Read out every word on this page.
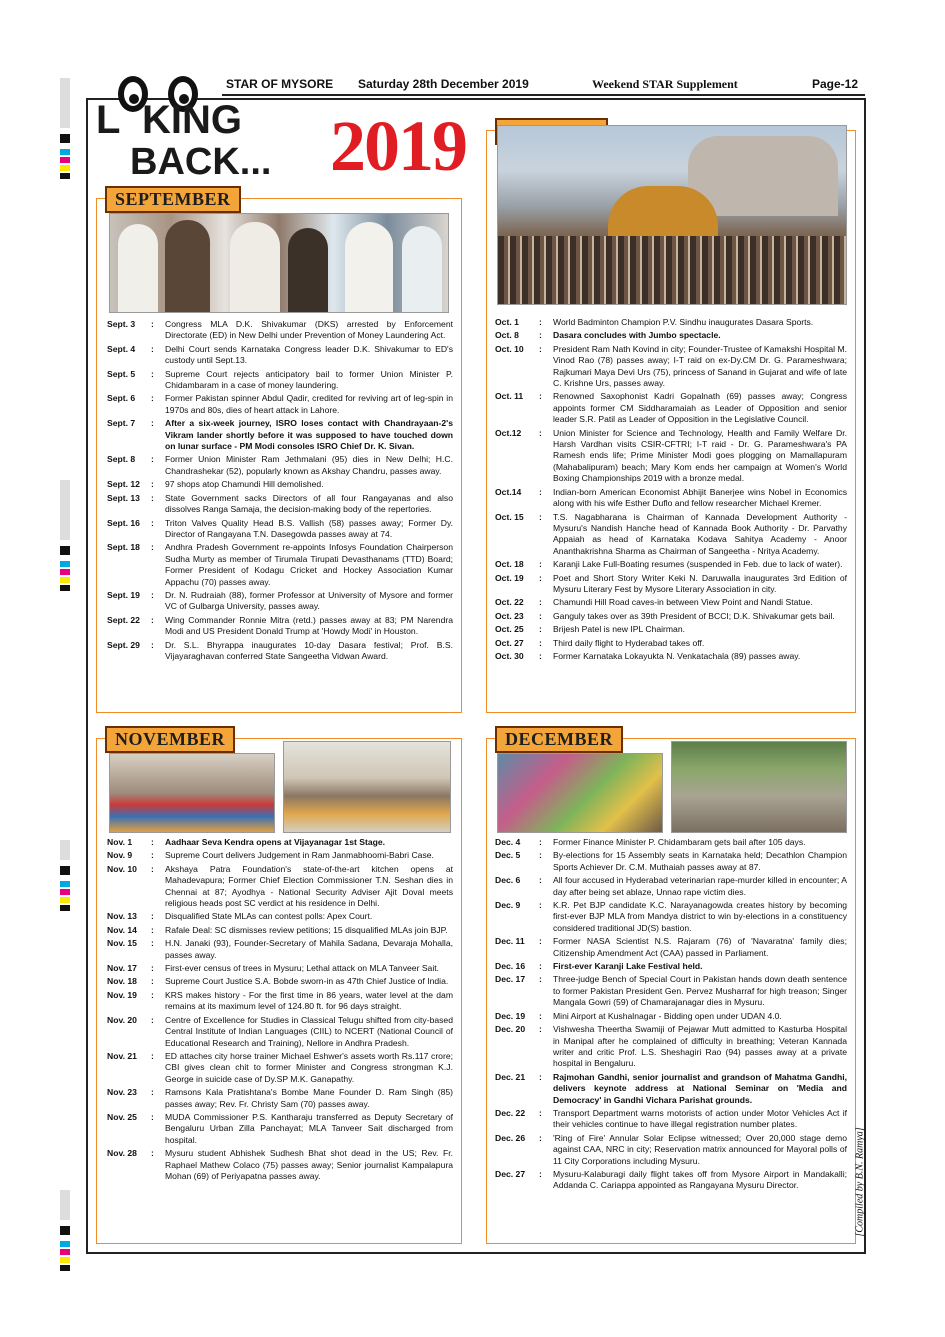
STAR OF MYSORE Saturday 28th December 2019	Weekend STAR Supplement	Page-12
L  KING
BACK... 2019
SEPTEMBER
Sept. 3	:	Congress MLA D.K. Shivakumar (DKS) arrested by Enforcement Directorate (ED) in New Delhi under Prevention of Money Laundering Act.
Sept. 4	:	Delhi Court sends Karnataka Congress leader D.K. Shivakumar to ED's custody until Sept.13.
Sept. 5	:	Supreme Court rejects anticipatory bail to former Union Minister P. Chidambaram in a case of money laundering.
Sept. 6	:	Former Pakistan spinner Abdul Qadir, credited for reviving art of leg-spin in 1970s and 80s, dies of heart attack in Lahore.
Sept. 7	:	After a six-week journey, ISRO loses contact with Chandrayaan-2's Vikram lander shortly before it was supposed to have touched down on lunar surface - PM Modi consoles ISRO Chief Dr. K. Sivan.
Sept. 8	:	Former Union Minister Ram Jethmalani (95) dies in New Delhi; H.C. Chandrashekar (52), popularly known as Akshay Chandru, passes away.
Sept. 12	:	97 shops atop Chamundi Hill demolished.
Sept. 13	:	State Government sacks Directors of all four Rangayanas and also dissolves Ranga Samaja, the decision-making body of the repertories.
Sept. 16	:	Triton Valves Quality Head B.S. Vallish (58) passes away; Former Dy. Director of Rangayana T.N. Dasegowda passes away at 74.
Sept. 18	:	Andhra Pradesh Government re-appoints Infosys Foundation Chairperson Sudha Murty as member of Tirumala Tirupati Devasthanams (TTD) Board; Former President of Kodagu Cricket and Hockey Association Kumar Appachu (70) passes away.
Sept. 19	:	Dr. N. Rudraiah (88), former Professor at University of Mysore and former VC of Gulbarga University, passes away.
Sept. 22	:	Wing Commander Ronnie Mitra (retd.) passes away at 83; PM Narendra Modi and US President Donald Trump at 'Howdy Modi' in Houston.
Sept. 29	:	Dr. S.L. Bhyrappa inaugurates 10-day Dasara festival; Prof. B.S. Vijayaraghavan conferred State Sangeetha Vidwan Award.
Oct. 1	:	World Badminton Champion P.V. Sindhu inaugurates Dasara Sports.
Oct. 8	:	Dasara concludes with Jumbo spectacle.
Oct. 10	:	President Ram Nath Kovind in city; Founder-Trustee of Kamakshi Hospital M. Vinod Rao (78) passes away; I-T raid on ex-Dy.CM Dr. G. Parameshwara; Rajkumari Maya Devi Urs (75), princess of Sanand in Gujarat and wife of late C. Krishne Urs, passes away.
Oct. 11	:	Renowned Saxophonist Kadri Gopalnath (69) passes away; Congress appoints former CM Siddharamaiah as Leader of Opposition and senior leader S.R. Patil as Leader of Opposition in the Legislative Council.
Oct.12	:	Union Minister for Science and Technology, Health and Family Welfare Dr. Harsh Vardhan visits CSIR-CFTRI; I-T raid - Dr. G. Parameshwara's PA Ramesh ends life; Prime Minister Modi goes plogging on Mamallapuram (Mahabalipuram) beach; Mary Kom ends her campaign at Women's World Boxing Championships 2019 with a bronze medal.
Oct.14	:	Indian-born American Economist Abhijit Banerjee wins Nobel in Economics along with his wife Esther Duflo and fellow researcher Michael Kremer.
Oct. 15	:	T.S. Nagabharana is Chairman of Kannada Development Authority - Mysuru's Nandish Hanche head of Kannada Book Authority - Dr. Parvathy Appaiah as head of Karnataka Kodava Sahitya Academy - Anoor Ananthakrishna Sharma as Chairman of Sangeetha - Nritya Academy.
Oct. 18	:	Karanji Lake Full-Boating resumes (suspended in Feb. due to lack of water).
Oct. 19	:	Poet and Short Story Writer Keki N. Daruwalla inaugurates 3rd Edition of Mysuru Literary Fest by Mysore Literary Association in city.
Oct. 22	:	Chamundi Hill Road caves-in between View Point and Nandi Statue.
Oct. 23	:	Ganguly takes over as 39th President of BCCI; D.K. Shivakumar gets bail.
Oct. 25	:	Brijesh Patel is new IPL Chairman.
Oct. 27	:	Third daily flight to Hyderabad takes off.
Oct. 30	:	Former Karnataka Lokayukta N. Venkatachala (89) passes away.
NOVEMBER
Nov. 1	:	Aadhaar Seva Kendra opens at Vijayanagar 1st Stage.
Nov. 9	:	Supreme Court delivers Judgement in Ram Janmabhoomi-Babri Case.
Nov. 10	:	Akshaya Patra Foundation's state-of-the-art kitchen opens at Mahadevapura; Former Chief Election Commissioner T.N. Seshan dies in Chennai at 87; Ayodhya - National Security Adviser Ajit Doval meets religious heads post SC verdict at his residence in Delhi.
Nov. 13	:	Disqualified State MLAs can contest polls: Apex Court.
Nov. 14	:	Rafale Deal: SC dismisses review petitions; 15 disqualified MLAs join BJP.
Nov. 15	:	H.N. Janaki (93), Founder-Secretary of Mahila Sadana, Devaraja Mohalla, passes away.
Nov. 17	:	First-ever census of trees in Mysuru; Lethal attack on MLA Tanveer Sait.
Nov. 18	:	Supreme Court Justice S.A. Bobde sworn-in as 47th Chief Justice of India.
Nov. 19	:	KRS makes history - For the first time in 86 years, water level at the dam remains at its maximum level of 124.80 ft. for 96 days straight.
Nov. 20	:	Centre of Excellence for Studies in Classical Telugu shifted from city-based Central Institute of Indian Languages (CIIL) to NCERT (National Council of Educational Research and Training), Nellore in Andhra Pradesh.
Nov. 21	:	ED attaches city horse trainer Michael Eshwer's assets worth Rs.117 crore; CBI gives clean chit to former Minister and Congress strongman K.J. George in suicide case of Dy.SP M.K. Ganapathy.
Nov. 23	:	Ramsons Kala Pratishtana's Bombe Mane Founder D. Ram Singh (85) passes away; Rev. Fr. Christy Sam (70) passes away.
Nov. 25	:	MUDA Commissioner P.S. Kantharaju transferred as Deputy Secretary of Bengaluru Urban Zilla Panchayat; MLA Tanveer Sait discharged from hospital.
Nov. 28	:	Mysuru student Abhishek Sudhesh Bhat shot dead in the US; Rev. Fr. Raphael Mathew Colaco (75) passes away; Senior journalist Kampalapura Mohan (69) of Periyapatna passes away.
DECEMBER
Dec. 4	:	Former Finance Minister P. Chidambaram gets bail after 105 days.
Dec. 5	:	By-elections for 15 Assembly seats in Karnataka held; Decathlon Champion Sports Achiever Dr. C.M. Muthaiah passes away at 87.
Dec. 6	:	All four accused in Hyderabad veterinarian rape-murder killed in encounter; A day after being set ablaze, Unnao rape victim dies.
Dec. 9	:	K.R. Pet BJP candidate K.C. Narayanagowda creates history by becoming first-ever BJP MLA from Mandya district to win by-elections in a constituency considered traditional JD(S) bastion.
Dec. 11	:	Former NASA Scientist N.S. Rajaram (76) of 'Navaratna' family dies; Citizenship Amendment Act (CAA) passed in Parliament.
Dec. 16	:	First-ever Karanji Lake Festival held.
Dec. 17	:	Three-judge Bench of Special Court in Pakistan hands down death sentence to former Pakistan President Gen. Pervez Musharraf for high treason; Singer Mangala Gowri (59) of Chamarajanagar dies in Mysuru.
Dec. 19	:	Mini Airport at Kushalnagar - Bidding open under UDAN 4.0.
Dec. 20	:	Vishwesha Theertha Swamiji of Pejawar Mutt admitted to Kasturba Hospital in Manipal after he complained of difficulty in breathing; Veteran Kannada writer and critic Prof. L.S. Sheshagiri Rao (94) passes away at a private hospital in Bengaluru.
Dec. 21	:	Rajmohan Gandhi, senior journalist and grandson of Mahatma Gandhi, delivers keynote address at National Seminar on 'Media and Democracy' in Gandhi Vichara Parishat grounds.
Dec. 22	:	Transport Department warns motorists of action under Motor Vehicles Act if their vehicles continue to have illegal registration number plates.
Dec. 26	:	'Ring of Fire' Annular Solar Eclipse witnessed; Over 20,000 stage demo against CAA, NRC in city; Reservation matrix announced for Mayoral polls of 11 City Corporations including Mysuru.
Dec. 27	:	Mysuru-Kalaburagi daily flight takes off from Mysore Airport in Mandakalli; Addanda C. Cariappa appointed as Rangayana Mysuru Director.	[Compiled by B.N. Ramya]
